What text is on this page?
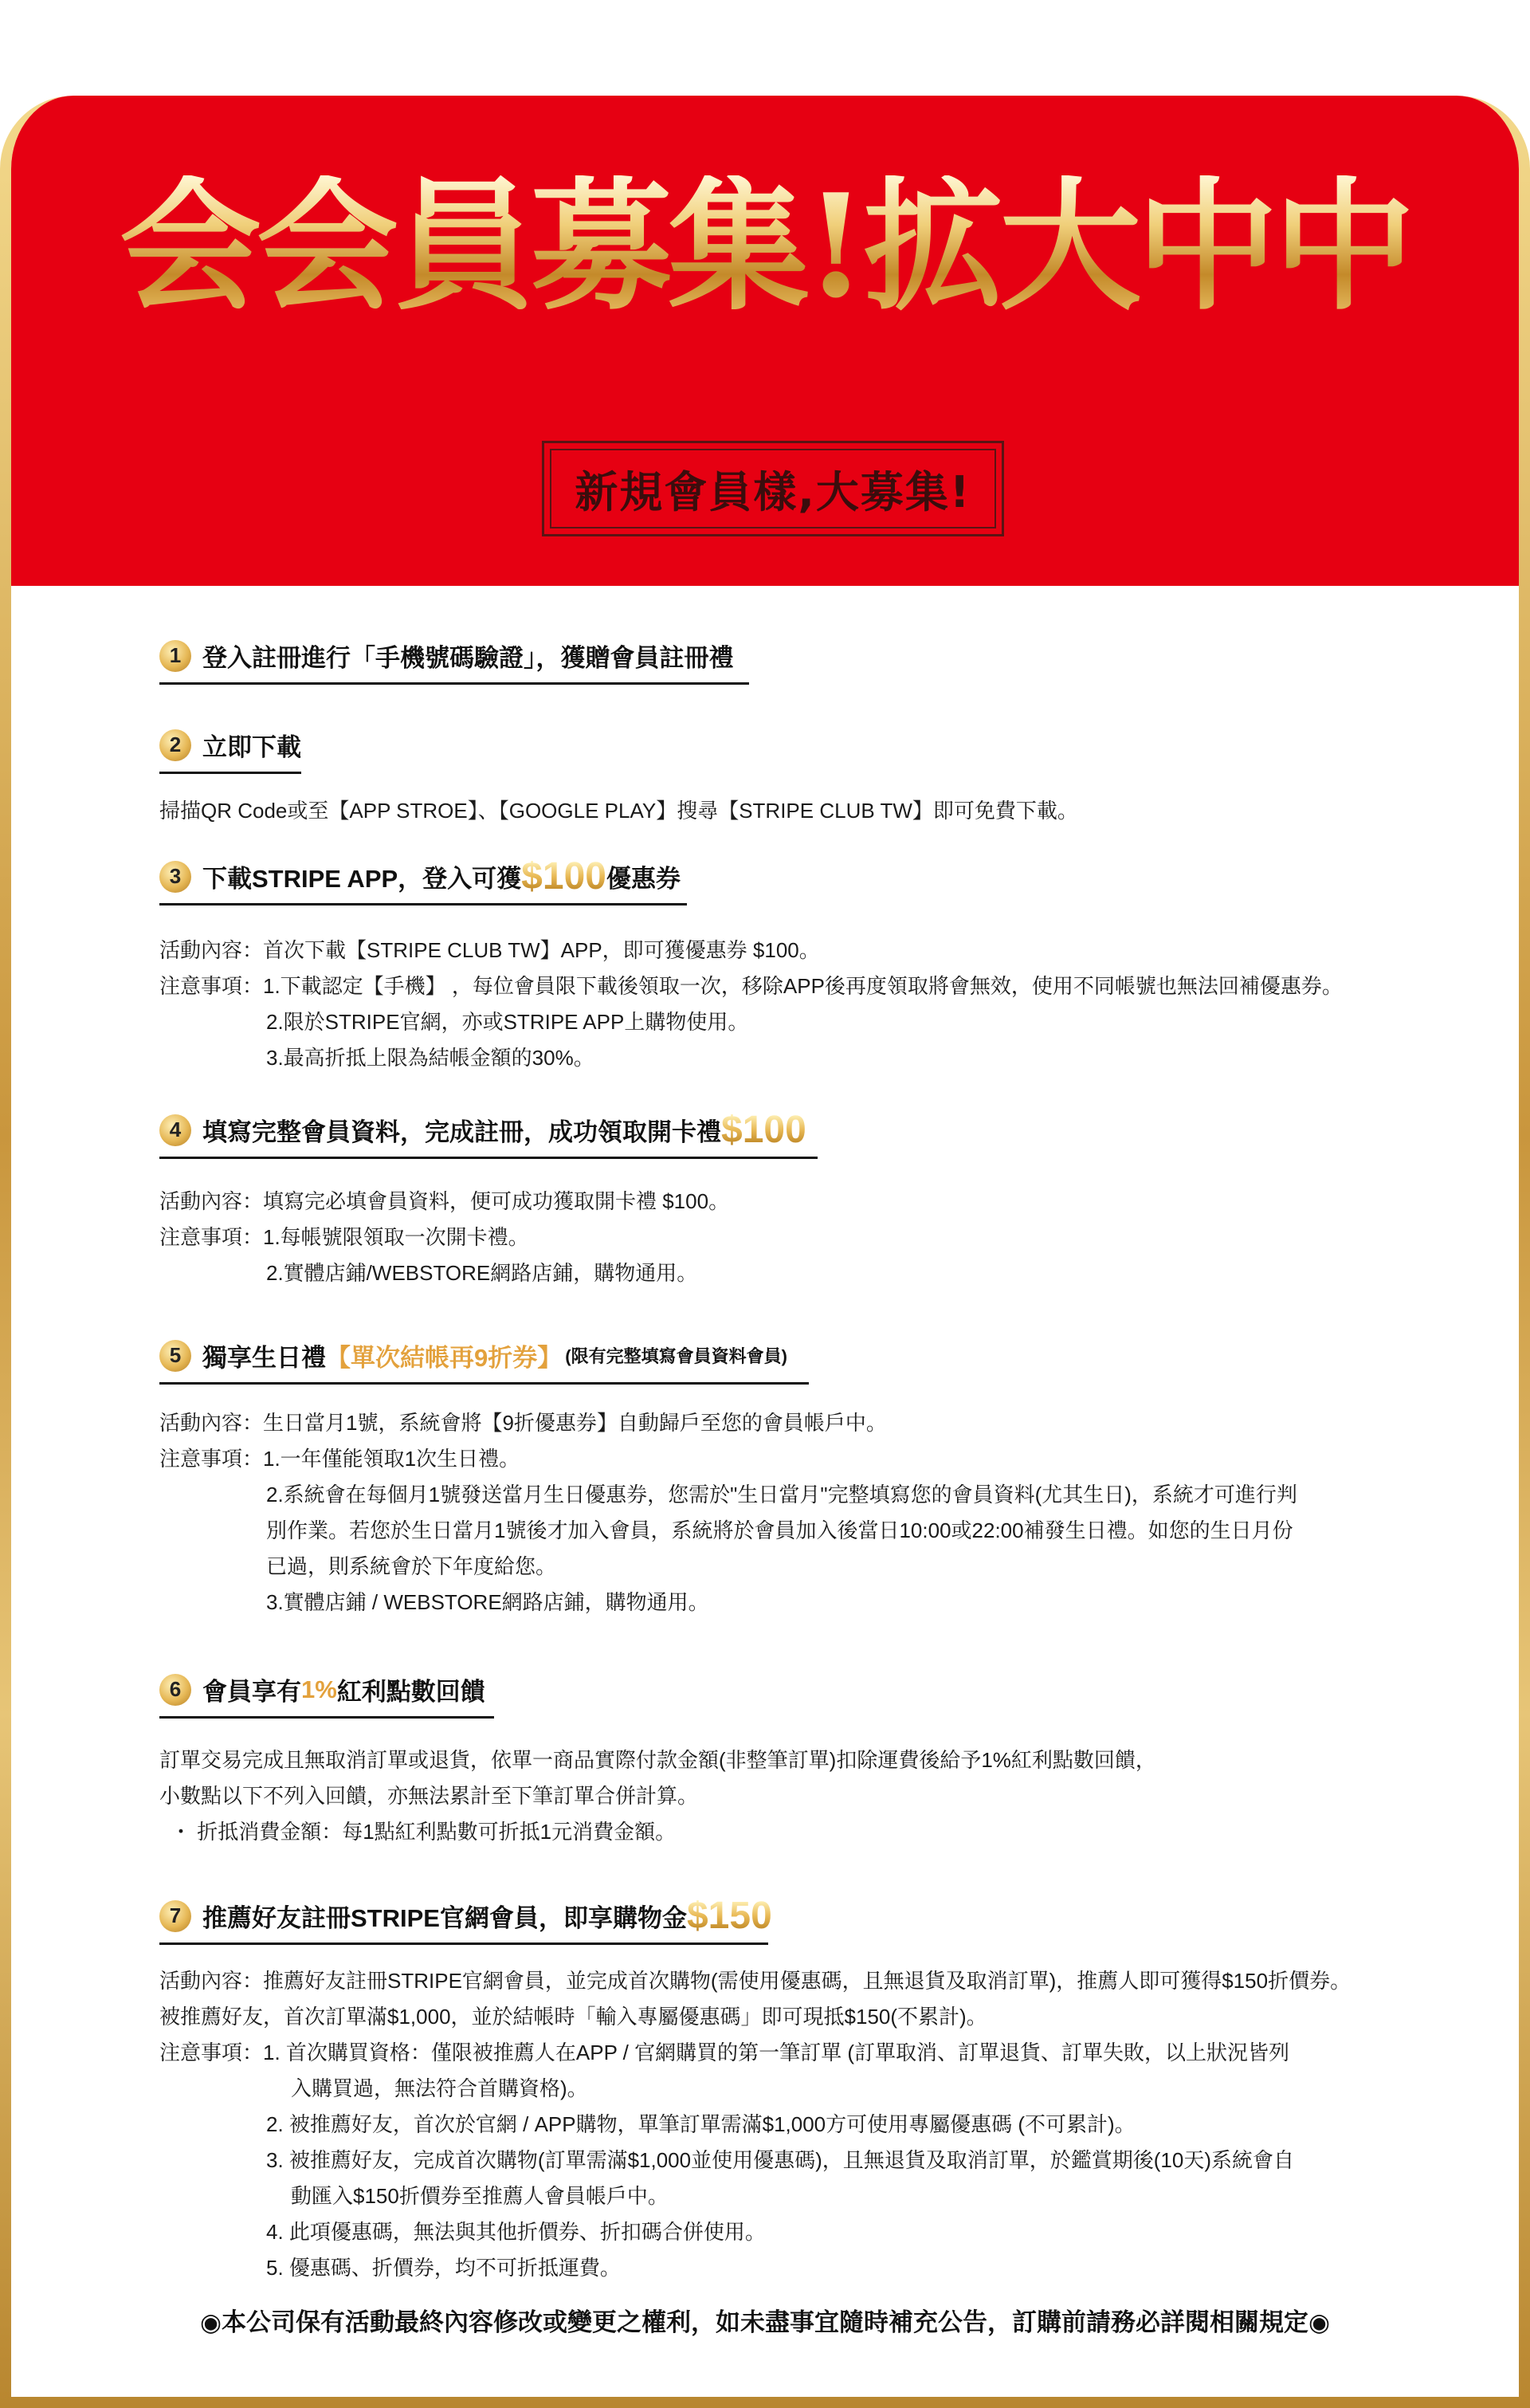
会会員募集!拡大中中
新規會員樣,大募集!
1 登入註冊進行「手機號碼驗證」，獲贈會員註冊禮
2 立即下載
掃描QR Code或至【APP STROE】、【GOOGLE PLAY】搜尋【STRIPE CLUB TW】即可免費下載。
3 下載STRIPE APP，登入可獲 $ 100 優惠券
活動內容：首次下載【STRIPE CLUB TW】APP，即可獲優惠券 $100。
注意事項：1.下載認定【手機】 ，每位會員限下載後領取一次，移除APP後再度領取將會無效，使用不同帳號也無法回補優惠券。
2.限於STRIPE官網，亦或STRIPE APP上購物使用。
3.最高折抵上限為結帳金額的30%。
4 填寫完整會員資料，完成註冊，成功領取開卡禮 $ 100
活動內容：填寫完必填會員資料，便可成功獲取開卡禮 $100。
注意事項：1.每帳號限領取一次開卡禮。
2.實體店鋪/WEBSTORE網路店鋪，購物通用。
5 獨享生日禮 【單次結帳再9折券】 (限有完整填寫會員資料會員)
活動內容：生日當月1號，系統會將【9折優惠券】自動歸戶至您的會員帳戶中。
注意事項：1.一年僅能領取1次生日禮。
2.系統會在每個月1號發送當月生日優惠券，您需於"生日當月"完整填寫您的會員資料(尤其生日)，系統才可進行判
別作業。若您於生日當月1號後才加入會員，系統將於會員加入後當日10:00或22:00補發生日禮。如您的生日月份
已過，則系統會於下年度給您。
3.實體店鋪 / WEBSTORE網路店鋪，購物通用。
6 會員享有 1% 紅利點數回饋
訂單交易完成且無取消訂單或退貨，依單一商品實際付款金額(非整筆訂單)扣除運費後給予1%紅利點數回饋，
小數點以下不列入回饋，亦無法累計至下筆訂單合併計算。
・ 折抵消費金額：每1點紅利點數可折抵1元消費金額。
7 推薦好友註冊STRIPE官網會員，即享購物金 $ 150
活動內容：推薦好友註冊STRIPE官網會員，並完成首次購物(需使用優惠碼，且無退貨及取消訂單)，推薦人即可獲得$150折價券。
被推薦好友，首次訂單滿$1,000，並於結帳時「輸入專屬優惠碼」即可現抵$150(不累計)。
注意事項：1. 首次購買資格：僅限被推薦人在APP / 官網購買的第一筆訂單 (訂單取消、訂單退貨、訂單失敗，以上狀況皆列
入購買過，無法符合首購資格)。
2. 被推薦好友，首次於官網 / APP購物，單筆訂單需滿$1,000方可使用專屬優惠碼 (不可累計)。
3. 被推薦好友，完成首次購物(訂單需滿$1,000並使用優惠碼)，且無退貨及取消訂單，於鑑賞期後(10天)系統會自
動匯入$150折價券至推薦人會員帳戶中。
4. 此項優惠碼，無法與其他折價券、折扣碼合併使用。
5. 優惠碼、折價券，均不可折抵運費。
◉本公司保有活動最終內容修改或變更之權利，如未盡事宜隨時補充公告，訂購前請務必詳閱相關規定◉
